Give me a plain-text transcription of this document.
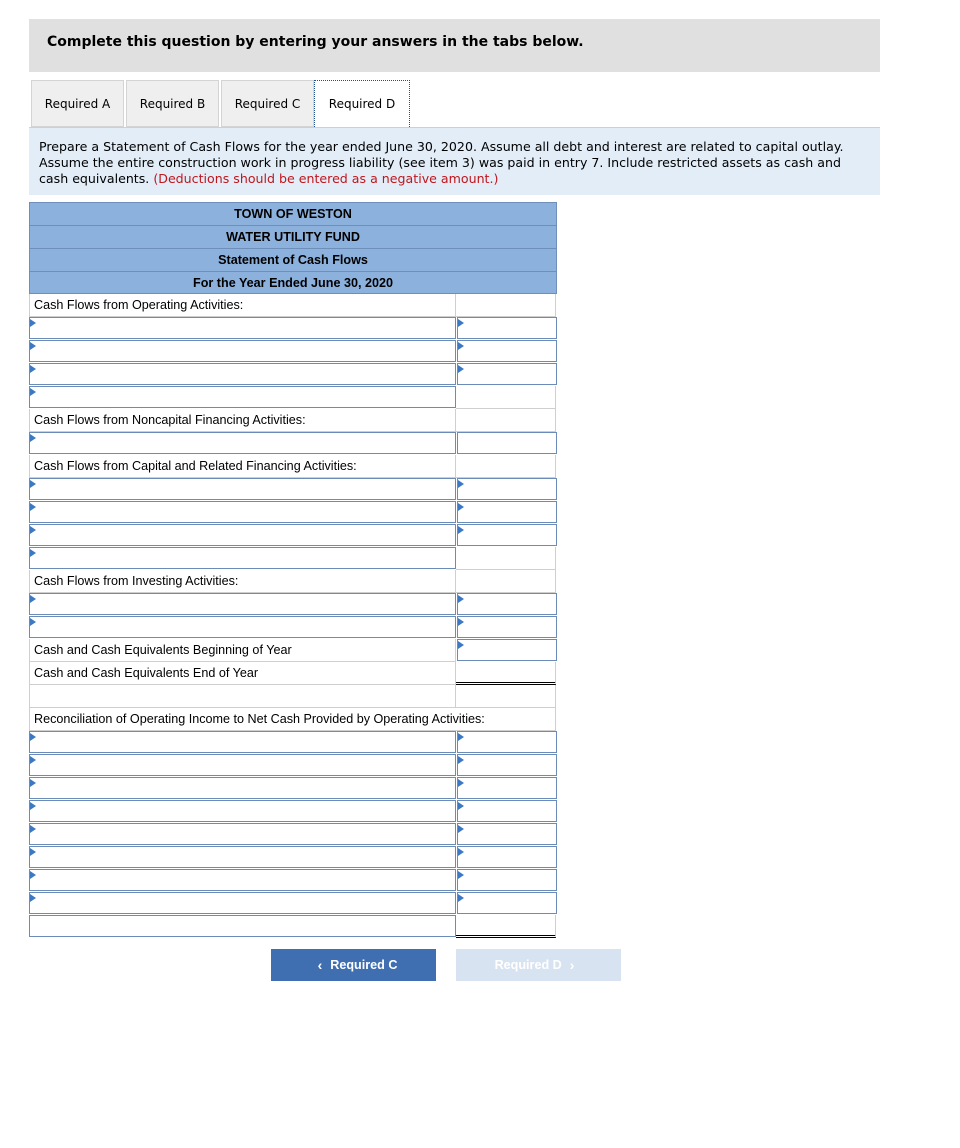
Complete this question by entering your answers in the tabs below.
Required A	Required B	Required C	Required D
Prepare a Statement of Cash Flows for the year ended June 30, 2020. Assume all debt and interest are related to capital outlay. Assume the entire construction work in progress liability (see item 3) was paid in entry 7. Include restricted assets as cash and cash equivalents. (Deductions should be entered as a negative amount.)
TOWN OF WESTON
WATER UTILITY FUND
Statement of Cash Flows
For the Year Ended June 30, 2020
Cash Flows from Operating Activities:
Cash Flows from Noncapital Financing Activities:
Cash Flows from Capital and Related Financing Activities:
Cash Flows from Investing Activities:
Cash and Cash Equivalents Beginning of Year
Cash and Cash Equivalents End of Year
Reconciliation of Operating Income to Net Cash Provided by Operating Activities:
‹ Required C	Required D ›
